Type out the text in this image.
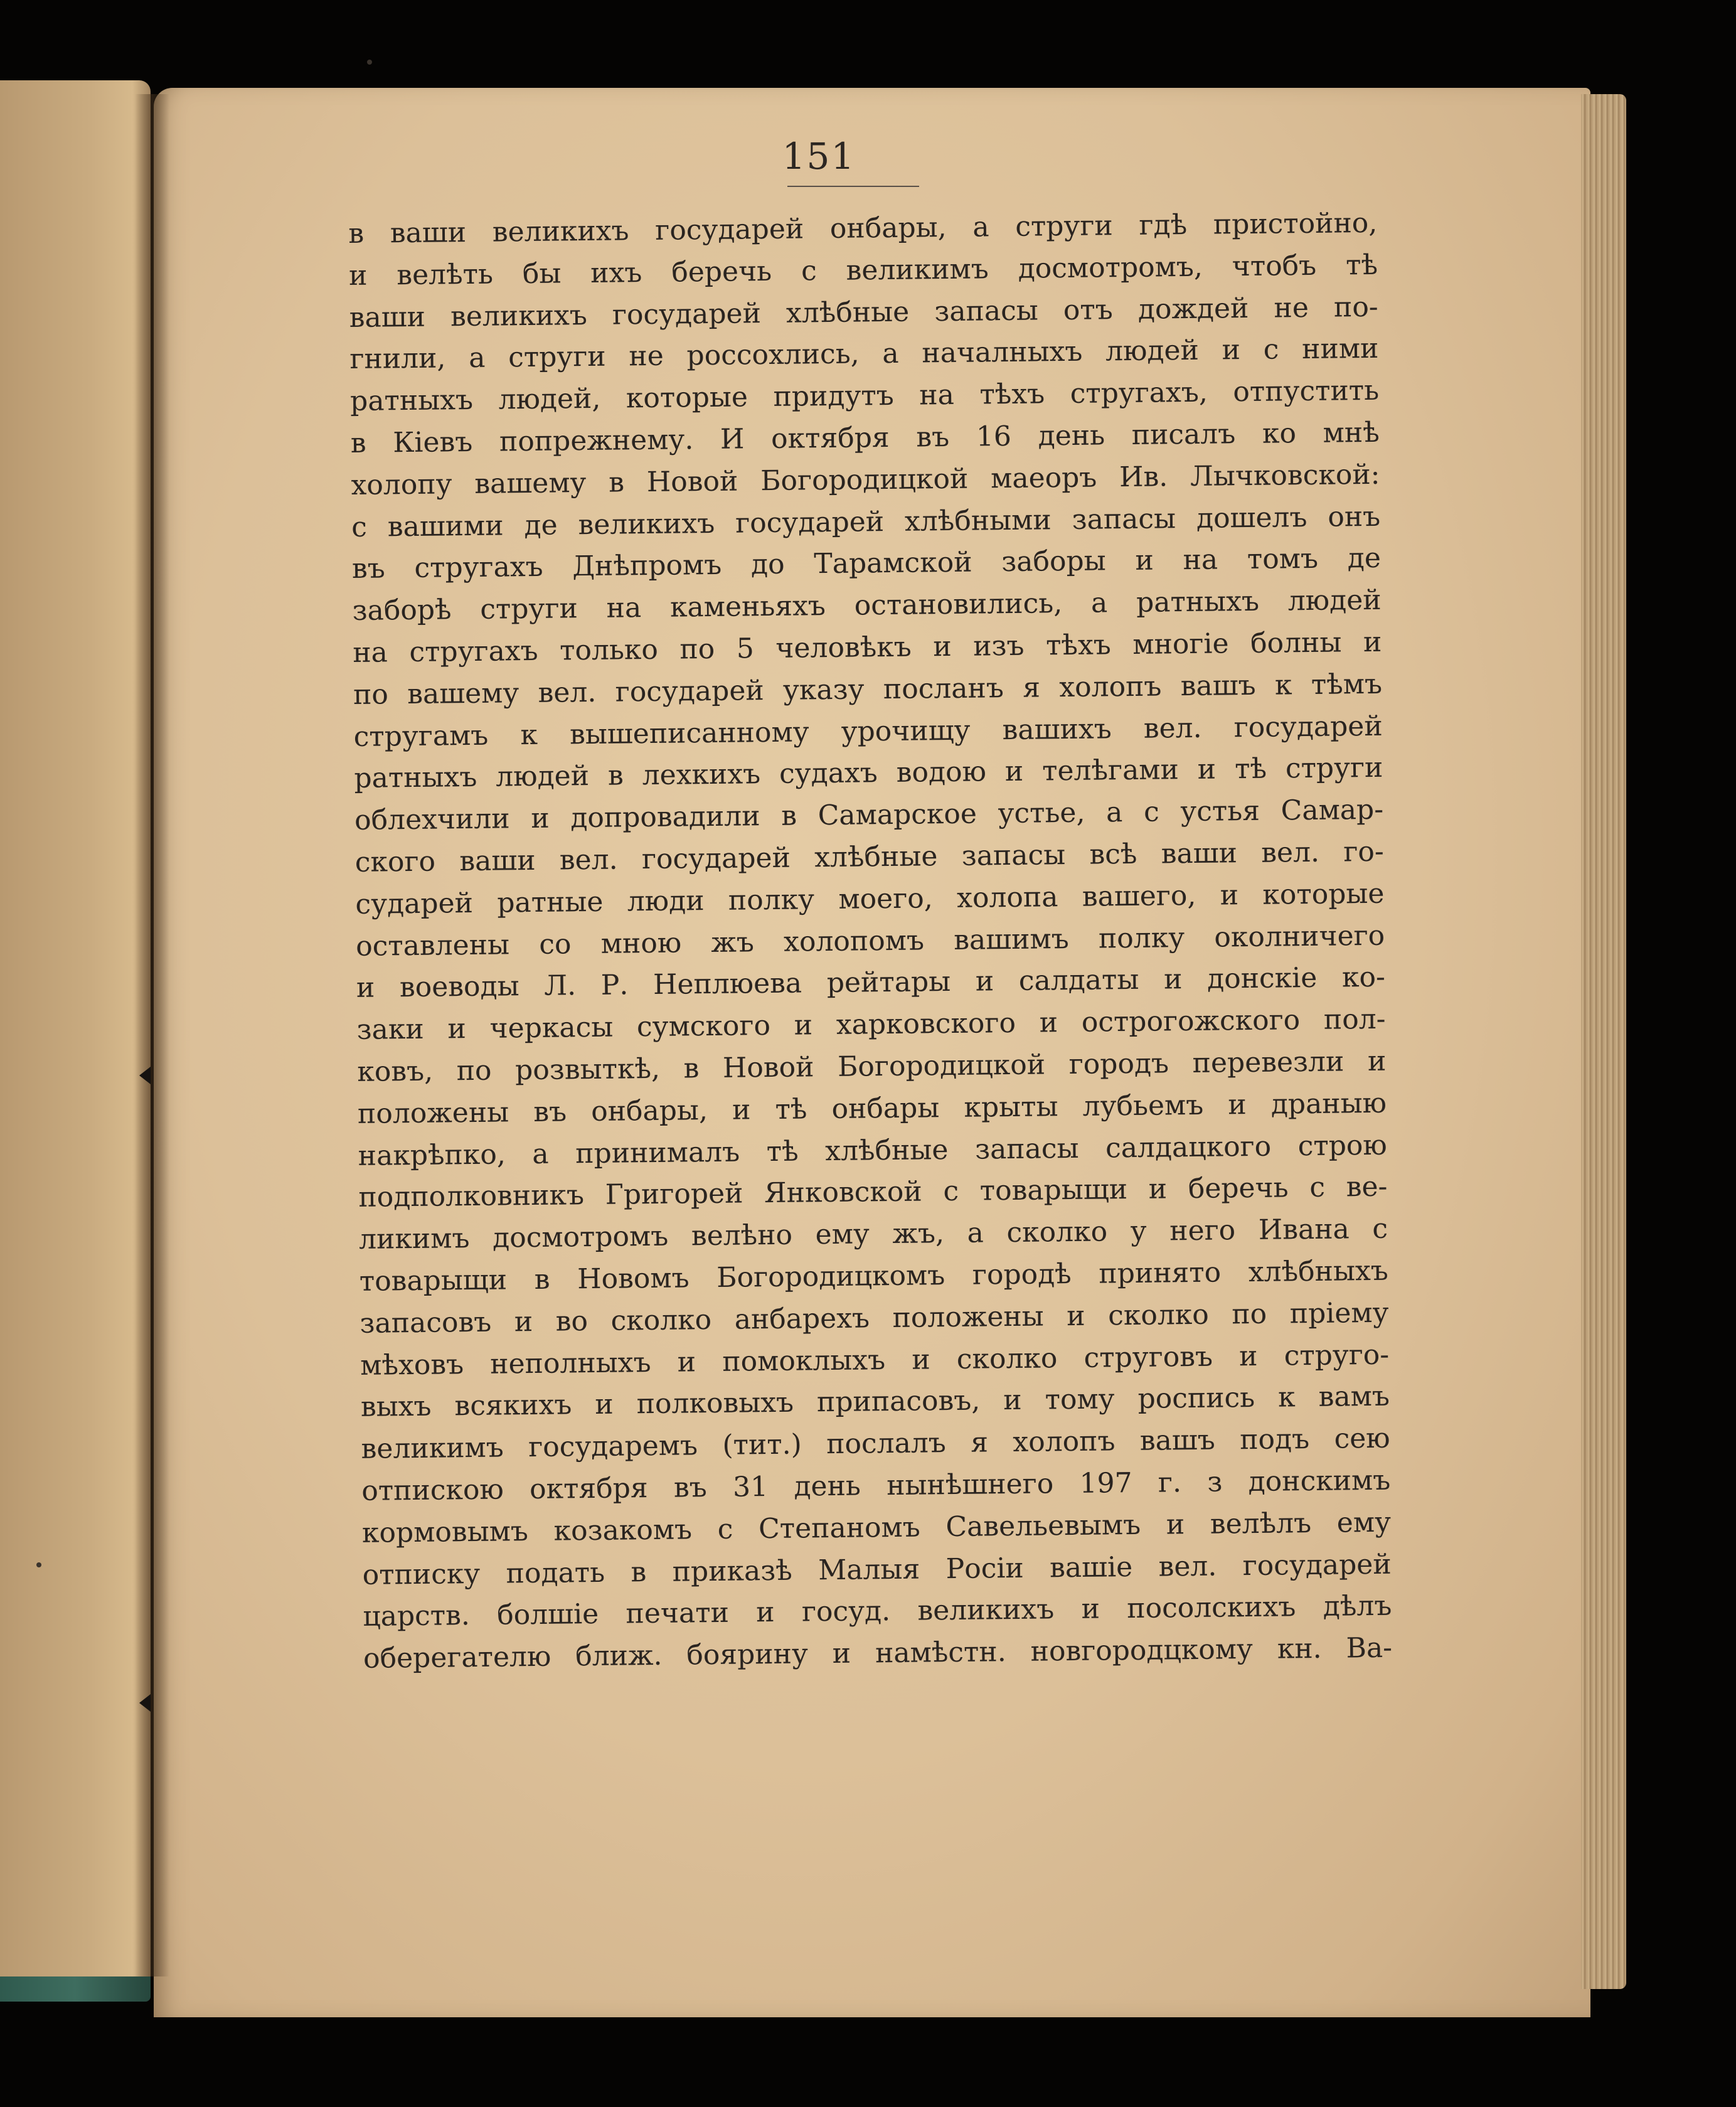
151
в ваши великихъ государей онбары, а струги гдѣ пристойно,
и велѣть бы ихъ беречь с великимъ досмотромъ, чтобъ тѣ
ваши великихъ государей хлѣбные запасы отъ дождей не по-
гнили, а струги не россохлись, а началныхъ людей и с ними
ратныхъ людей, которые придутъ на тѣхъ стругахъ, отпустить
в Кіевъ попрежнему. И октября въ 16 день писалъ ко мнѣ
холопу вашему в Новой Богородицкой маеоръ Ив. Лычковской:
с вашими де великихъ государей хлѣбными запасы дошелъ онъ
въ стругахъ Днѣпромъ до Тарамской заборы и на томъ де
заборѣ струги на каменьяхъ остановились, а ратныхъ людей
на стругахъ только по 5 человѣкъ и изъ тѣхъ многіе болны и
по вашему вел. государей указу посланъ я холопъ вашъ к тѣмъ
стругамъ к вышеписанному урочищу вашихъ вел. государей
ратныхъ людей в лехкихъ судахъ водою и телѣгами и тѣ струги
облехчили и допровадили в Самарское устье, а с устья Самар-
ского ваши вел. государей хлѣбные запасы всѣ ваши вел. го-
сударей ратные люди полку моего, холопа вашего, и которые
оставлены со мною жъ холопомъ вашимъ полку околничего
и воеводы Л. Р. Неплюева рейтары и салдаты и донскіе ко-
заки и черкасы сумского и харковского и острогожского пол-
ковъ, по розвыткѣ, в Новой Богородицкой городъ перевезли и
положены въ онбары, и тѣ онбары крыты лубьемъ и драныю
накрѣпко, а принималъ тѣ хлѣбные запасы салдацкого строю
подполковникъ Григорей Янковской с товарыщи и беречь с ве-
ликимъ досмотромъ велѣно ему жъ, а сколко у него Ивана с
товарыщи в Новомъ Богородицкомъ городѣ принято хлѣбныхъ
запасовъ и во сколко анбарехъ положены и сколко по пріему
мѣховъ неполныхъ и помоклыхъ и сколко струговъ и струго-
выхъ всякихъ и полковыхъ припасовъ, и тому роспись к вамъ
великимъ государемъ (тит.) послалъ я холопъ вашъ подъ сею
отпискою октября въ 31 день нынѣшнего 197 г. з донскимъ
кормовымъ козакомъ с Степаномъ Савельевымъ и велѣлъ ему
отписку подать в приказѣ Малыя Росіи вашіе вел. государей
царств. болшіе печати и госуд. великихъ и посолскихъ дѣлъ
оберегателю ближ. боярину и намѣстн. новгородцкому кн. Ва-
